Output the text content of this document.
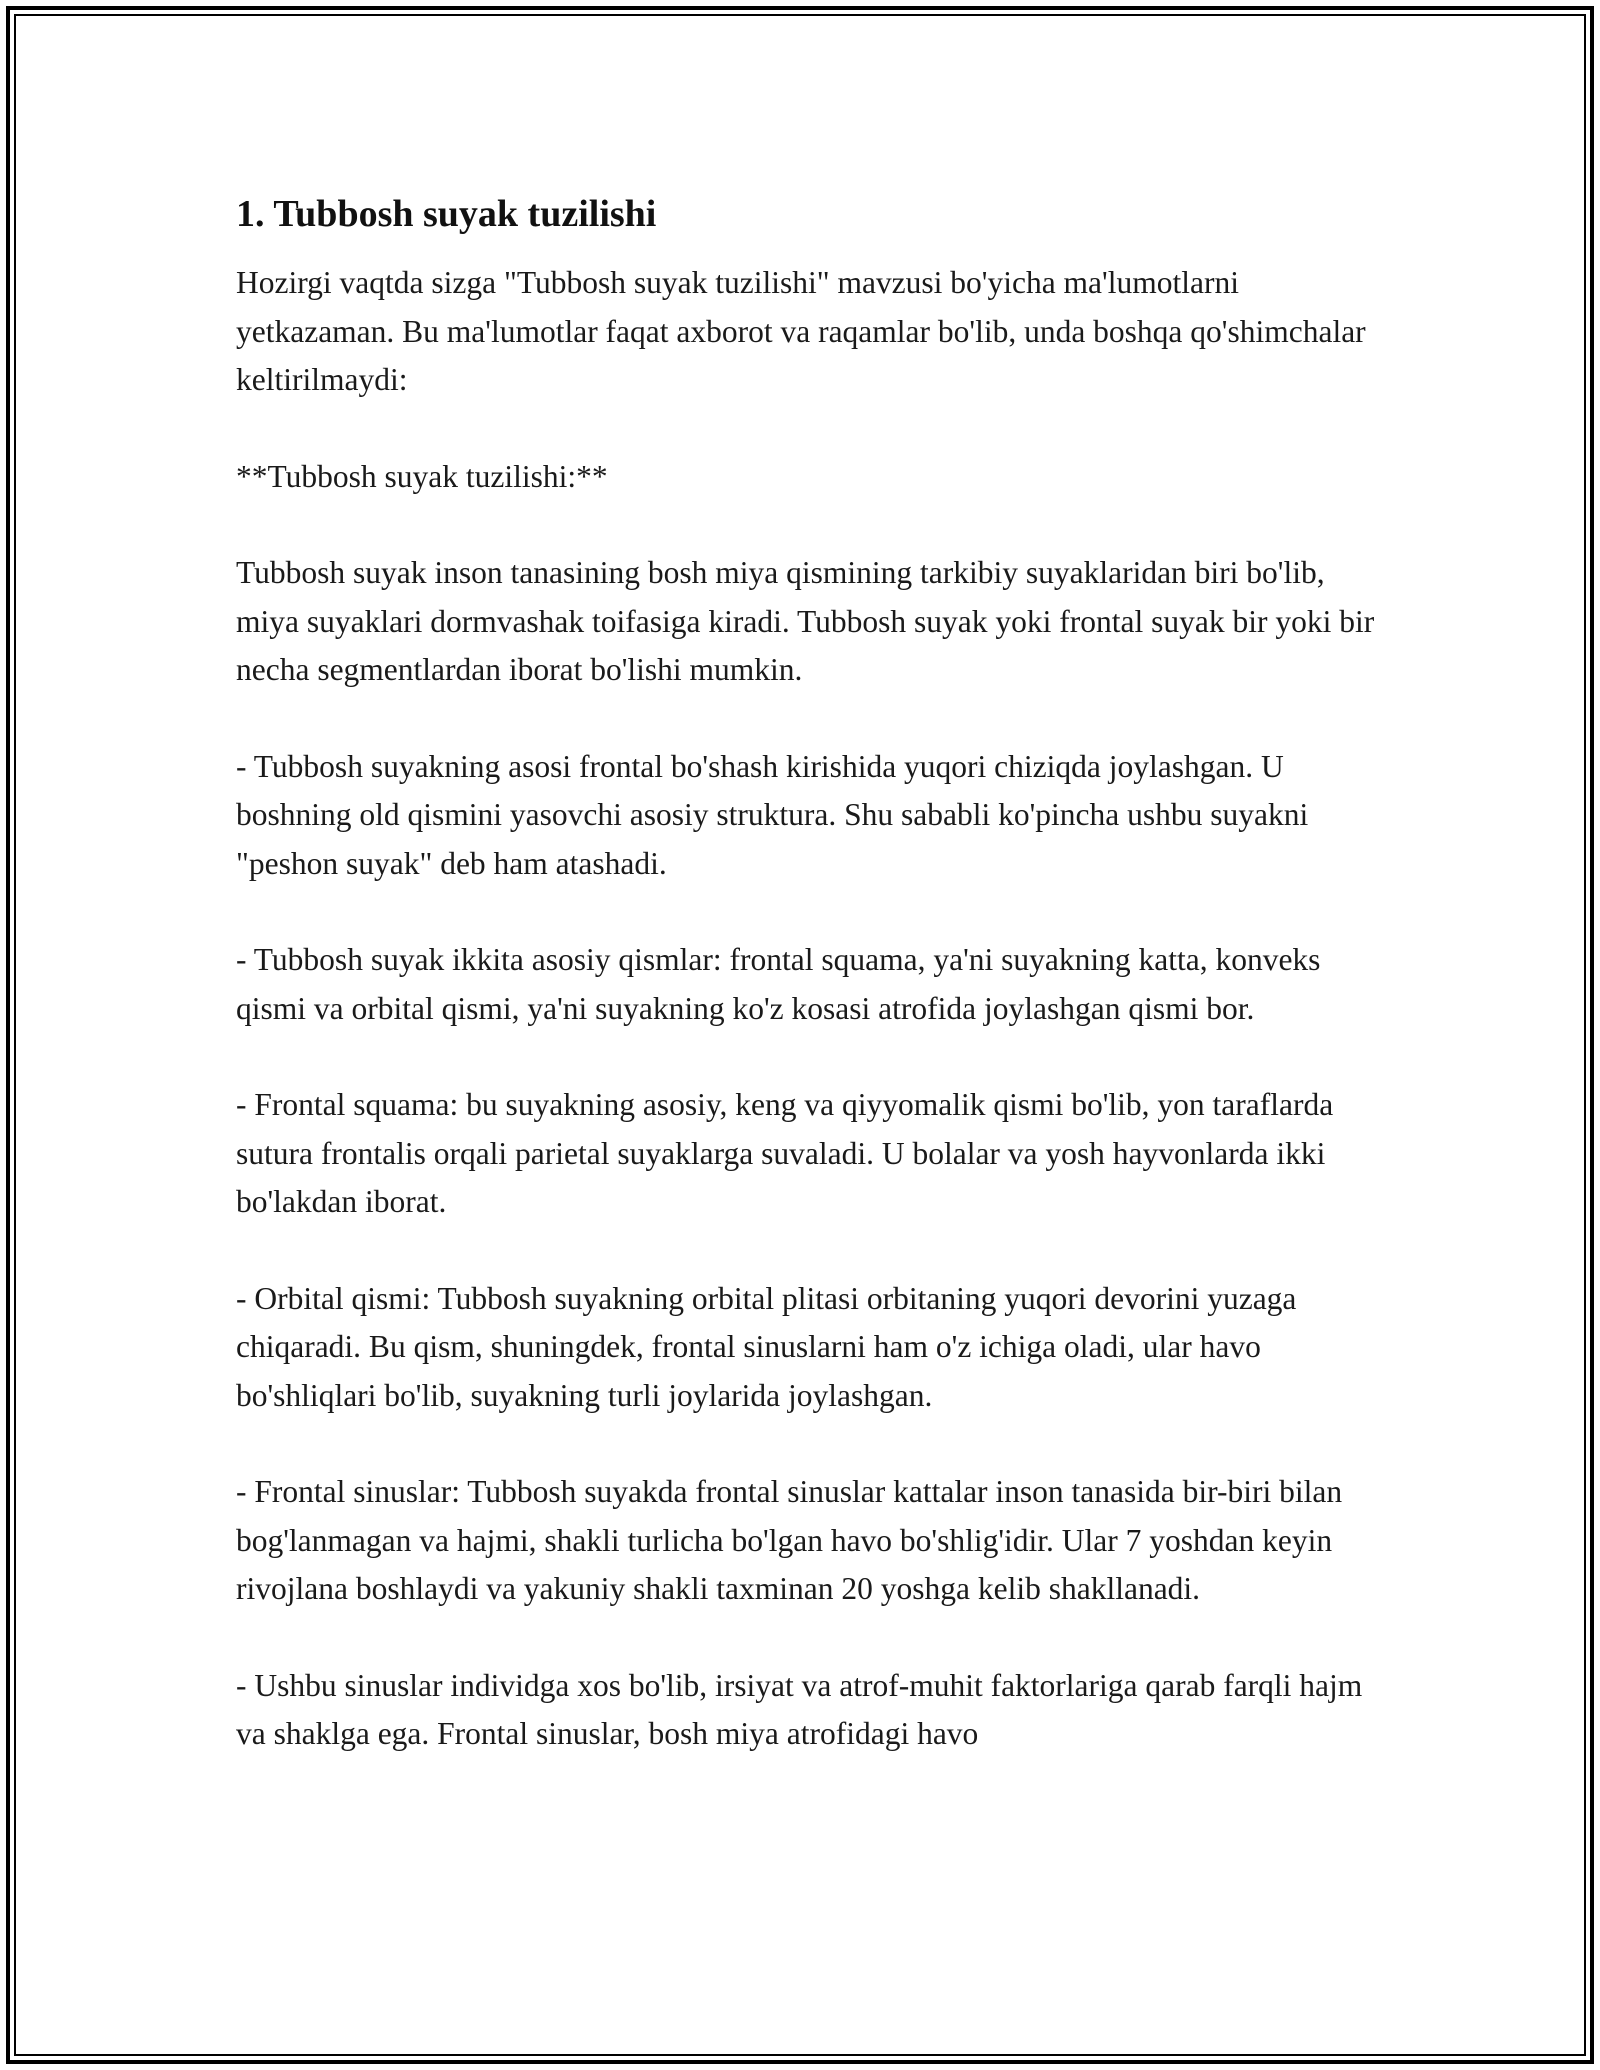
1. Tubbosh suyak tuzilishi

Hozirgi vaqtda sizga "Tubbosh suyak tuzilishi" mavzusi bo'yicha ma'lumotlarni yetkazaman. Bu ma'lumotlar faqat axborot va raqamlar bo'lib, unda boshqa qo'shimchalar keltirilmaydi:

**Tubbosh suyak tuzilishi:**

Tubbosh suyak inson tanasining bosh miya qismining tarkibiy suyaklaridan biri bo'lib, miya suyaklari dormvashak toifasiga kiradi. Tubbosh suyak yoki frontal suyak bir yoki bir necha segmentlardan iborat bo'lishi mumkin.

- Tubbosh suyakning asosi frontal bo'shash kirishida yuqori chiziqda joylashgan. U boshning old qismini yasovchi asosiy struktura. Shu sababli ko'pincha ushbu suyakni "peshon suyak" deb ham atashadi.

- Tubbosh suyak ikkita asosiy qismlar: frontal squama, ya'ni suyakning katta, konveks qismi va orbital qismi, ya'ni suyakning ko'z kosasi atrofida joylashgan qismi bor.

- Frontal squama: bu suyakning asosiy, keng va qiyyomalik qismi bo'lib, yon taraflarda sutura frontalis orqali parietal suyaklarga suvaladi. U bolalar va yosh hayvonlarda ikki bo'lakdan iborat.

- Orbital qismi: Tubbosh suyakning orbital plitasi orbitaning yuqori devorini yuzaga chiqaradi. Bu qism, shuningdek, frontal sinuslarni ham o'z ichiga oladi, ular havo bo'shliqlari bo'lib, suyakning turli joylarida joylashgan.

- Frontal sinuslar: Tubbosh suyakda frontal sinuslar kattalar inson tanasida bir-biri bilan bog'lanmagan va hajmi, shakli turlicha bo'lgan havo bo'shlig'idir. Ular 7 yoshdan keyin rivojlana boshlaydi va yakuniy shakli taxminan 20 yoshga kelib shakllanadi.

- Ushbu sinuslar individga xos bo'lib, irsiyat va atrof-muhit faktorlariga qarab farqli hajm va shaklga ega. Frontal sinuslar, bosh miya atrofidagi havo
